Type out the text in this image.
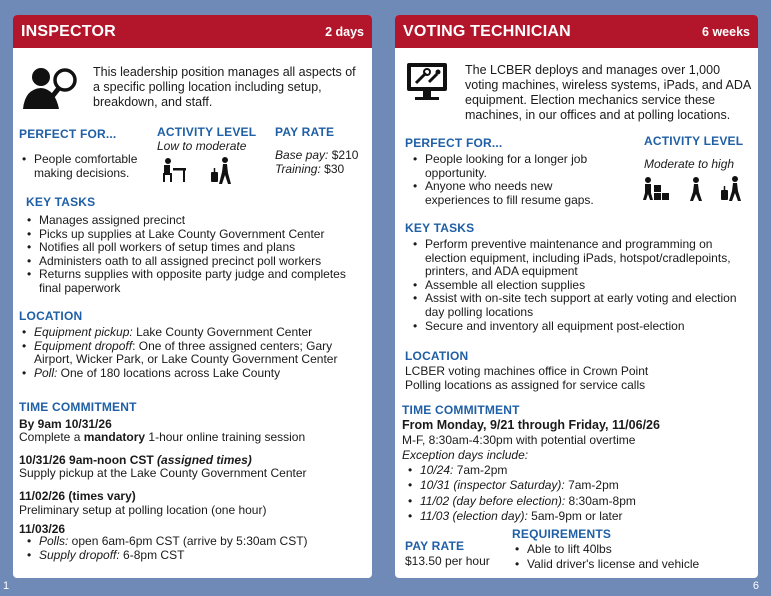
INSPECTOR	2 days
This leadership position manages all aspects of a specific polling location including setup, breakdown, and staff.
PERFECT FOR...
• People comfortable making decisions.
ACTIVITY LEVEL
Low to moderate
PAY RATE
Base pay: $210
Training: $30
KEY TASKS
• Manages assigned precinct
• Picks up supplies at Lake County Government Center
• Notifies all poll workers of setup times and plans
• Administers oath to all assigned precinct poll workers
• Returns supplies with opposite party judge and completes final paperwork
LOCATION
• Equipment pickup: Lake County Government Center
• Equipment dropoff: One of three assigned centers; Gary Airport, Wicker Park, or Lake County Government Center
• Poll: One of 180 locations across Lake County
TIME COMMITMENT
By 9am 10/31/26
Complete a mandatory 1-hour online training session
10/31/26 9am-noon CST (assigned times)
Supply pickup at the Lake County Government Center
11/02/26 (times vary)
Preliminary setup at polling location (one hour)
11/03/26
• Polls: open 6am-6pm CST (arrive by 5:30am CST)
• Supply dropoff: 6-8pm CST
1
VOTING TECHNICIAN	6 weeks
The LCBER deploys and manages over 1,000 voting machines, wireless systems, iPads, and ADA equipment. Election mechanics service these machines, in our offices and at polling locations.
PERFECT FOR...
• People looking for a longer job opportunity.
• Anyone who needs new experiences to fill resume gaps.
ACTIVITY LEVEL
Moderate to high
KEY TASKS
• Perform preventive maintenance and programming on election equipment, including iPads, hotspot/cradlepoints, printers, and ADA equipment
• Assemble all election supplies
• Assist with on-site tech support at early voting and election day polling locations
• Secure and inventory all equipment post-election
LOCATION
LCBER voting machines office in Crown Point
Polling locations as assigned for service calls
TIME COMMITMENT
From Monday, 9/21 through Friday, 11/06/26
M-F, 8:30am-4:30pm with potential overtime
Exception days include:
• 10/24: 7am-2pm
• 10/31 (inspector Saturday): 7am-2pm
• 11/02 (day before election): 8:30am-8pm
• 11/03 (election day): 5am-9pm or later
PAY RATE
$13.50 per hour
REQUIREMENTS
• Able to lift 40lbs
• Valid driver's license and vehicle
6
